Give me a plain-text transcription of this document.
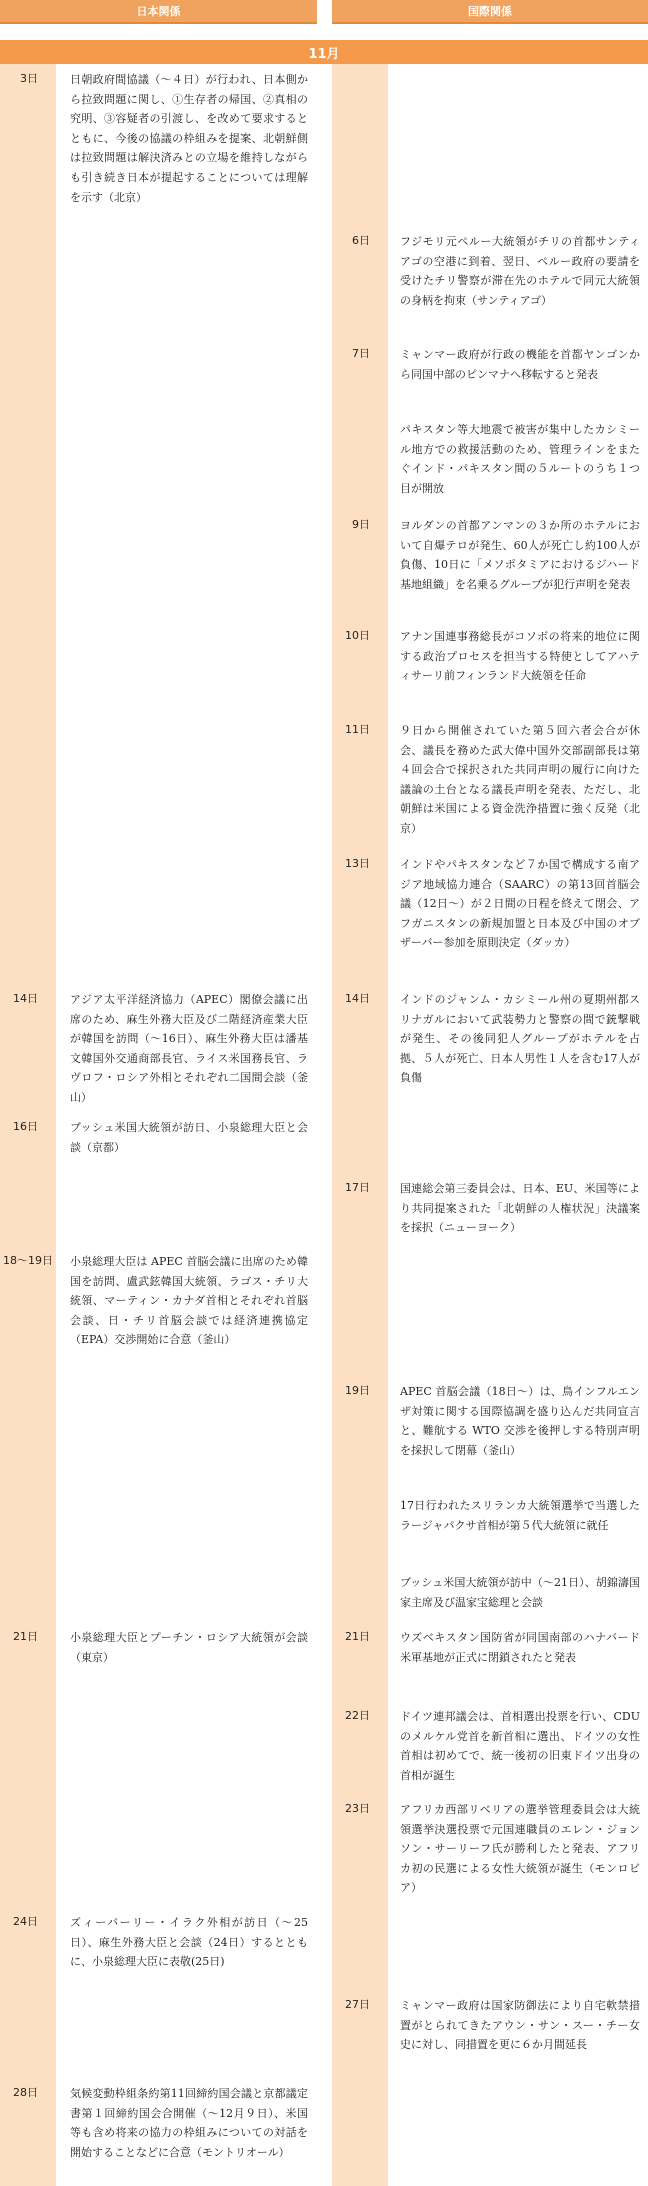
日本関係	国際関係
11月
3日	日朝政府間協議（～４日）が行われ、日本側から拉致問題に関し、①生存者の帰国、②真相の究明、③容疑者の引渡し、を改めて要求するとともに、今後の協議の枠組みを提案、北朝鮮側は拉致問題は解決済みとの立場を維持しながらも引き続き日本が提起することについては理解を示す（北京）
14日	アジア太平洋経済協力（APEC）閣僚会議に出席のため、麻生外務大臣及び二階経済産業大臣が韓国を訪問（～16日）、麻生外務大臣は潘基文韓国外交通商部長官、ライス米国務長官、ラヴロフ・ロシア外相とそれぞれ二国間会談（釜山）
16日	ブッシュ米国大統領が訪日、小泉総理大臣と会談（京都）
18～19日 小泉総理大臣は APEC 首脳会議に出席のため韓国を訪問、盧武鉉韓国大統領、ラゴス・チリ大統領、マーティン・カナダ首相とそれぞれ首脳会談、日・チリ首脳会談では経済連携協定（EPA）交渉開始に合意（釜山）
21日	小泉総理大臣とプーチン・ロシア大統領が会談（東京）
24日	ズィーバーリー・イラク外相が訪日（～25日）、麻生外務大臣と会談（24日）するとともに、小泉総理大臣に表敬(25日)
28日	気候変動枠組条約第11回締約国会議と京都議定書第１回締約国会合開催（～12月９日）、米国等も含め将来の協力の枠組みについての対話を開始することなどに合意（モントリオール）
6日	フジモリ元ペルー大統領がチリの首都サンティアゴの空港に到着、翌日、ペルー政府の要請を受けたチリ警察が滞在先のホテルで同元大統領の身柄を拘束（サンティアゴ）
7日	ミャンマー政府が行政の機能を首都ヤンゴンから同国中部のピンマナへ移転すると発表
パキスタン等大地震で被害が集中したカシミール地方での救援活動のため、管理ラインをまたぐインド・パキスタン間の５ルートのうち１つ目が開放
9日	ヨルダンの首都アンマンの３か所のホテルにおいて自爆テロが発生、60人が死亡し約100人が負傷、10日に「メソポタミアにおけるジハード基地組織」を名乗るグループが犯行声明を発表
10日	アナン国連事務総長がコソボの将来的地位に関する政治プロセスを担当する特使としてアハティサーリ前フィンランド大統領を任命
11日	９日から開催されていた第５回六者会合が休会、議長を務めた武大偉中国外交部副部長は第４回会合で採択された共同声明の履行に向けた議論の土台となる議長声明を発表、ただし、北朝鮮は米国による資金洗浄措置に強く反発（北京）
13日	インドやパキスタンなど７か国で構成する南アジア地域協力連合（SAARC）の第13回首脳会議（12日～）が２日間の日程を終えて閉会、アフガニスタンの新規加盟と日本及び中国のオブザーバー参加を原則決定（ダッカ）
14日	インドのジャンム・カシミール州の夏期州都スリナガルにおいて武装勢力と警察の間で銃撃戦が発生、その後同犯人グループがホテルを占拠、５人が死亡、日本人男性１人を含む17人が負傷
17日	国連総会第三委員会は、日本、EU、米国等により共同提案された「北朝鮮の人権状況」決議案を採択（ニューヨーク）
19日	APEC 首脳会議（18日～）は、鳥インフルエンザ対策に関する国際協調を盛り込んだ共同宣言と、難航する WTO 交渉を後押しする特別声明を採択して閉幕（釜山）
17日行われたスリランカ大統領選挙で当選したラージャパクサ首相が第５代大統領に就任
ブッシュ米国大統領が訪中（～21日）、胡錦濤国家主席及び温家宝総理と会談
21日	ウズベキスタン国防省が同国南部のハナバード米軍基地が正式に閉鎖されたと発表
22日	ドイツ連邦議会は、首相選出投票を行い、CDU のメルケル党首を新首相に選出、ドイツの女性首相は初めてで、統一後初の旧東ドイツ出身の首相が誕生
23日	アフリカ西部リベリアの選挙管理委員会は大統領選挙決選投票で元国連職員のエレン・ジョンソン・サーリーフ氏が勝利したと発表、アフリカ初の民選による女性大統領が誕生（モンロビア）
27日	ミャンマー政府は国家防御法により自宅軟禁措置がとられてきたアウン・サン・スー・チー女史に対し、同措置を更に６か月間延長
